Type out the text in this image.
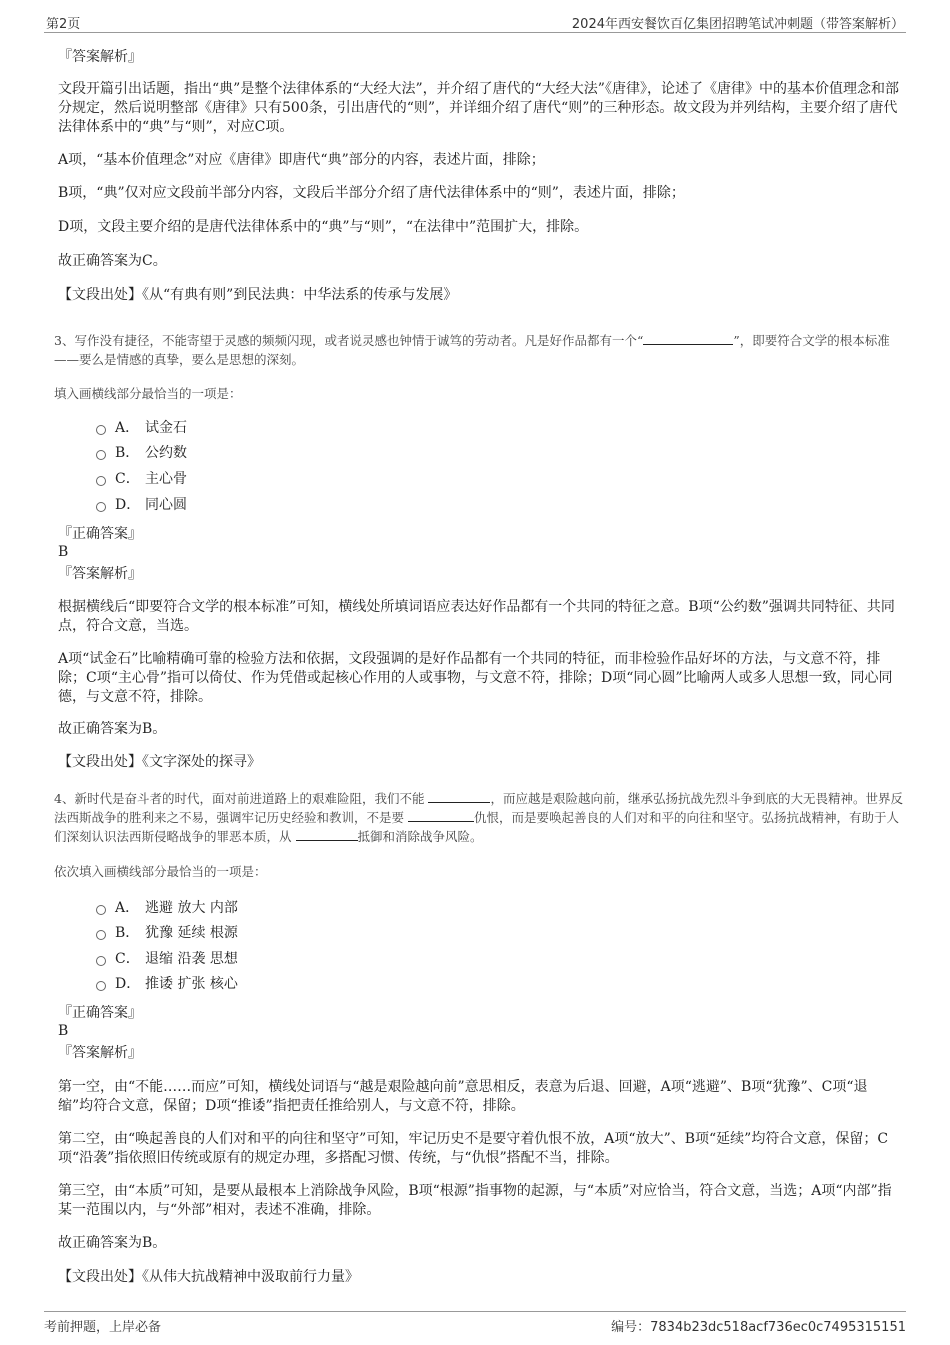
第2页	2024年西安餐饮百亿集团招聘笔试冲刺题（带答案解析）
『答案解析』
文段开篇引出话题，指出“典”是整个法律体系的“大经大法”，并介绍了唐代的“大经大法”《唐律》，论述了《唐律》中的基本价值理念和部分规定，然后说明整部《唐律》只有500条，引出唐代的“则”，并详细介绍了唐代“则”的三种形态。故文段为并列结构，主要介绍了唐代法律体系中的“典”与“则”，对应C项。
A项，“基本价值理念”对应《唐律》即唐代“典”部分的内容，表述片面，排除；
B项，“典”仅对应文段前半部分内容，文段后半部分介绍了唐代法律体系中的“则”，表述片面，排除；
D项，文段主要介绍的是唐代法律体系中的“典”与“则”，“在法律中”范围扩大，排除。
故正确答案为C。
【文段出处】《从“有典有则”到民法典：中华法系的传承与发展》
3、写作没有捷径，不能寄望于灵感的频频闪现，或者说灵感也钟情于诚笃的劳动者。凡是好作品都有一个“	”，即要符合文学的根本标准——要么是情感的真挚，要么是思想的深刻。
填入画横线部分最恰当的一项是：
A． 试金石
B． 公约数
C． 主心骨
D． 同心圆
『正确答案』
B
『答案解析』
根据横线后“即要符合文学的根本标准”可知，横线处所填词语应表达好作品都有一个共同的特征之意。B项“公约数”强调共同特征、共同点，符合文意，当选。
A项“试金石”比喻精确可靠的检验方法和依据，文段强调的是好作品都有一个共同的特征，而非检验作品好坏的方法，与文意不符，排除；C项“主心骨”指可以倚仗、作为凭借或起核心作用的人或事物，与文意不符，排除；D项“同心圆”比喻两人或多人思想一致，同心同德，与文意不符，排除。
故正确答案为B。
【文段出处】《文字深处的探寻》
4、新时代是奋斗者的时代，面对前进道路上的艰难险阻，我们不能	，而应越是艰险越向前，继承弘扬抗战先烈斗争到底的大无畏精神。世界反法西斯战争的胜利来之不易，强调牢记历史经验和教训，不是要	仇恨，而是要唤起善良的人们对和平的向往和坚守。弘扬抗战精神，有助于人们深刻认识法西斯侵略战争的罪恶本质，从	抵御和消除战争风险。
依次填入画横线部分最恰当的一项是：
A． 逃避 放大 内部
B． 犹豫 延续 根源
C． 退缩 沿袭 思想
D． 推诿 扩张 核心
『正确答案』
B
『答案解析』
第一空，由“不能……而应”可知，横线处词语与“越是艰险越向前”意思相反，表意为后退、回避，A项“逃避”、B项“犹豫”、C项“退缩”均符合文意，保留；D项“推诿”指把责任推给别人，与文意不符，排除。
第二空，由“唤起善良的人们对和平的向往和坚守”可知，牢记历史不是要守着仇恨不放，A项“放大”、B项“延续”均符合文意，保留；C项“沿袭”指依照旧传统或原有的规定办理，多搭配习惯、传统，与“仇恨”搭配不当，排除。
第三空，由“本质”可知，是要从最根本上消除战争风险，B项“根源”指事物的起源，与“本质”对应恰当，符合文意，当选；A项“内部”指某一范围以内，与“外部”相对，表述不准确，排除。
故正确答案为B。
【文段出处】《从伟大抗战精神中汲取前行力量》
考前押题，上岸必备	编号：7834b23dc518acf736ec0c7495315151
